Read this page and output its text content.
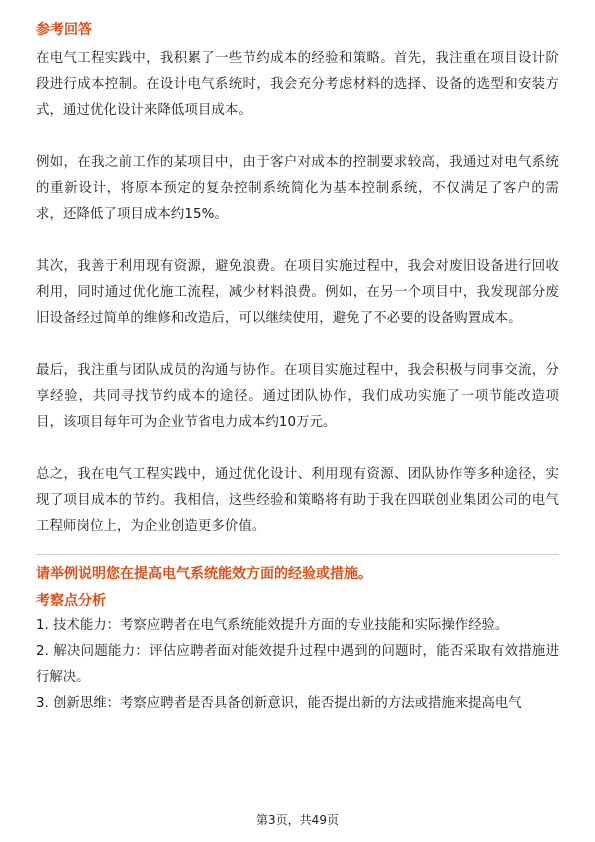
参考回答

在电气工程实践中，我积累了一些节约成本的经验和策略。首先，我注重在项目设计阶段进行成本控制。在设计电气系统时，我会充分考虑材料的选择、设备的选型和安装方式，通过优化设计来降低项目成本。

例如，在我之前工作的某项目中，由于客户对成本的控制要求较高，我通过对电气系统的重新设计，将原本预定的复杂控制系统简化为基本控制系统，不仅满足了客户的需求，还降低了项目成本约15%。

其次，我善于利用现有资源，避免浪费。在项目实施过程中，我会对废旧设备进行回收利用，同时通过优化施工流程，减少材料浪费。例如，在另一个项目中，我发现部分废旧设备经过简单的维修和改造后，可以继续使用，避免了不必要的设备购置成本。

最后，我注重与团队成员的沟通与协作。在项目实施过程中，我会积极与同事交流，分享经验，共同寻找节约成本的途径。通过团队协作，我们成功实施了一项节能改造项目，该项目每年可为企业节省电力成本约10万元。

总之，我在电气工程实践中，通过优化设计、利用现有资源、团队协作等多种途径，实现了项目成本的节约。我相信，这些经验和策略将有助于我在四联创业集团公司的电气工程师岗位上，为企业创造更多价值。

请举例说明您在提高电气系统能效方面的经验或措施。
考察点分析

1. 技术能力：考察应聘者在电气系统能效提升方面的专业技能和实际操作经验。

2. 解决问题能力：评估应聘者面对能效提升过程中遇到的问题时，能否采取有效措施进行解决。

3. 创新思维：考察应聘者是否具备创新意识，能否提出新的方法或措施来提高电气

第3页，共49页
